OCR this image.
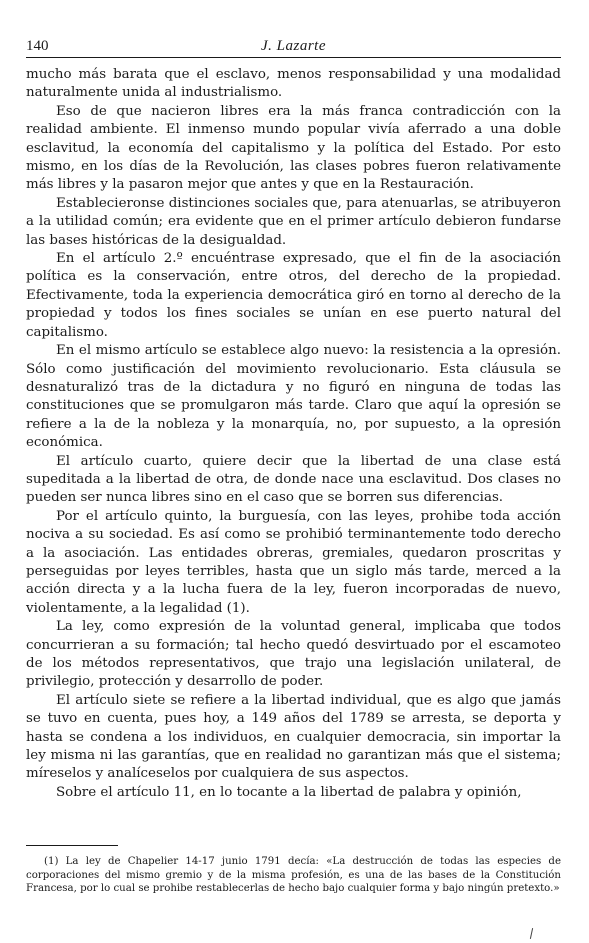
140	J. Lazarte

mucho más barata que el esclavo, menos responsabilidad y una modalidad naturalmente unida al industrialismo.

Eso de que nacieron libres era la más franca contradicción con la realidad ambiente. El inmenso mundo popular vivía aferrado a una doble esclavitud, la economía del capitalismo y la política del Estado. Por esto mismo, en los días de la Revolución, las clases pobres fueron relativamente más libres y la pasaron mejor que antes y que en la Restauración.

Establecieronse distinciones sociales que, para atenuarlas, se atribuyeron a la utilidad común; era evidente que en el primer artículo debieron fundarse las bases históricas de la desigualdad.

En el artículo 2.º encuéntrase expresado, que el fin de la asociación política es la conservación, entre otros, del derecho de la propiedad. Efectivamente, toda la experiencia democrática giró en torno al derecho de la propiedad y todos los fines sociales se unían en ese puerto natural del capitalismo.

En el mismo artículo se establece algo nuevo: la resistencia a la opresión. Sólo como justificación del movimiento revolucionario. Esta cláusula se desnaturalizó tras de la dictadura y no figuró en ninguna de todas las constituciones que se promulgaron más tarde. Claro que aquí la opresión se refiere a la de la nobleza y la monarquía, no, por supuesto, a la opresión económica.

El artículo cuarto, quiere decir que la libertad de una clase está supeditada a la libertad de otra, de donde nace una esclavitud. Dos clases no pueden ser nunca libres sino en el caso que se borren sus diferencias.

Por el artículo quinto, la burguesía, con las leyes, prohibe toda acción nociva a su sociedad. Es así como se prohibió terminantemente todo derecho a la asociación. Las entidades obreras, gremiales, quedaron proscritas y perseguidas por leyes terribles, hasta que un siglo más tarde, merced a la acción directa y a la lucha fuera de la ley, fueron incorporadas de nuevo, violentamente, a la legalidad (1).

La ley, como expresión de la voluntad general, implicaba que todos concurrieran a su formación; tal hecho quedó desvirtuado por el escamoteo de los métodos representativos, que trajo una legislación unilateral, de privilegio, protección y desarrollo de poder.

El artículo siete se refiere a la libertad individual, que es algo que jamás se tuvo en cuenta, pues hoy, a 149 años del 1789 se arresta, se deporta y hasta se condena a los individuos, en cualquier democracia, sin importar la ley misma ni las garantías, que en realidad no garantizan más que el sistema; míreselos y analíceselos por cualquiera de sus aspectos.

Sobre el artículo 11, en lo tocante a la libertad de palabra y opinión,

(1) La ley de Chapelier 14-17 junio 1791 decía: «La destrucción de todas las especies de corporaciones del mismo gremio y de la misma profesión, es una de las bases de la Constitución Francesa, por lo cual se prohibe restablecerlas de hecho bajo cualquier forma y bajo ningún pretexto.»
